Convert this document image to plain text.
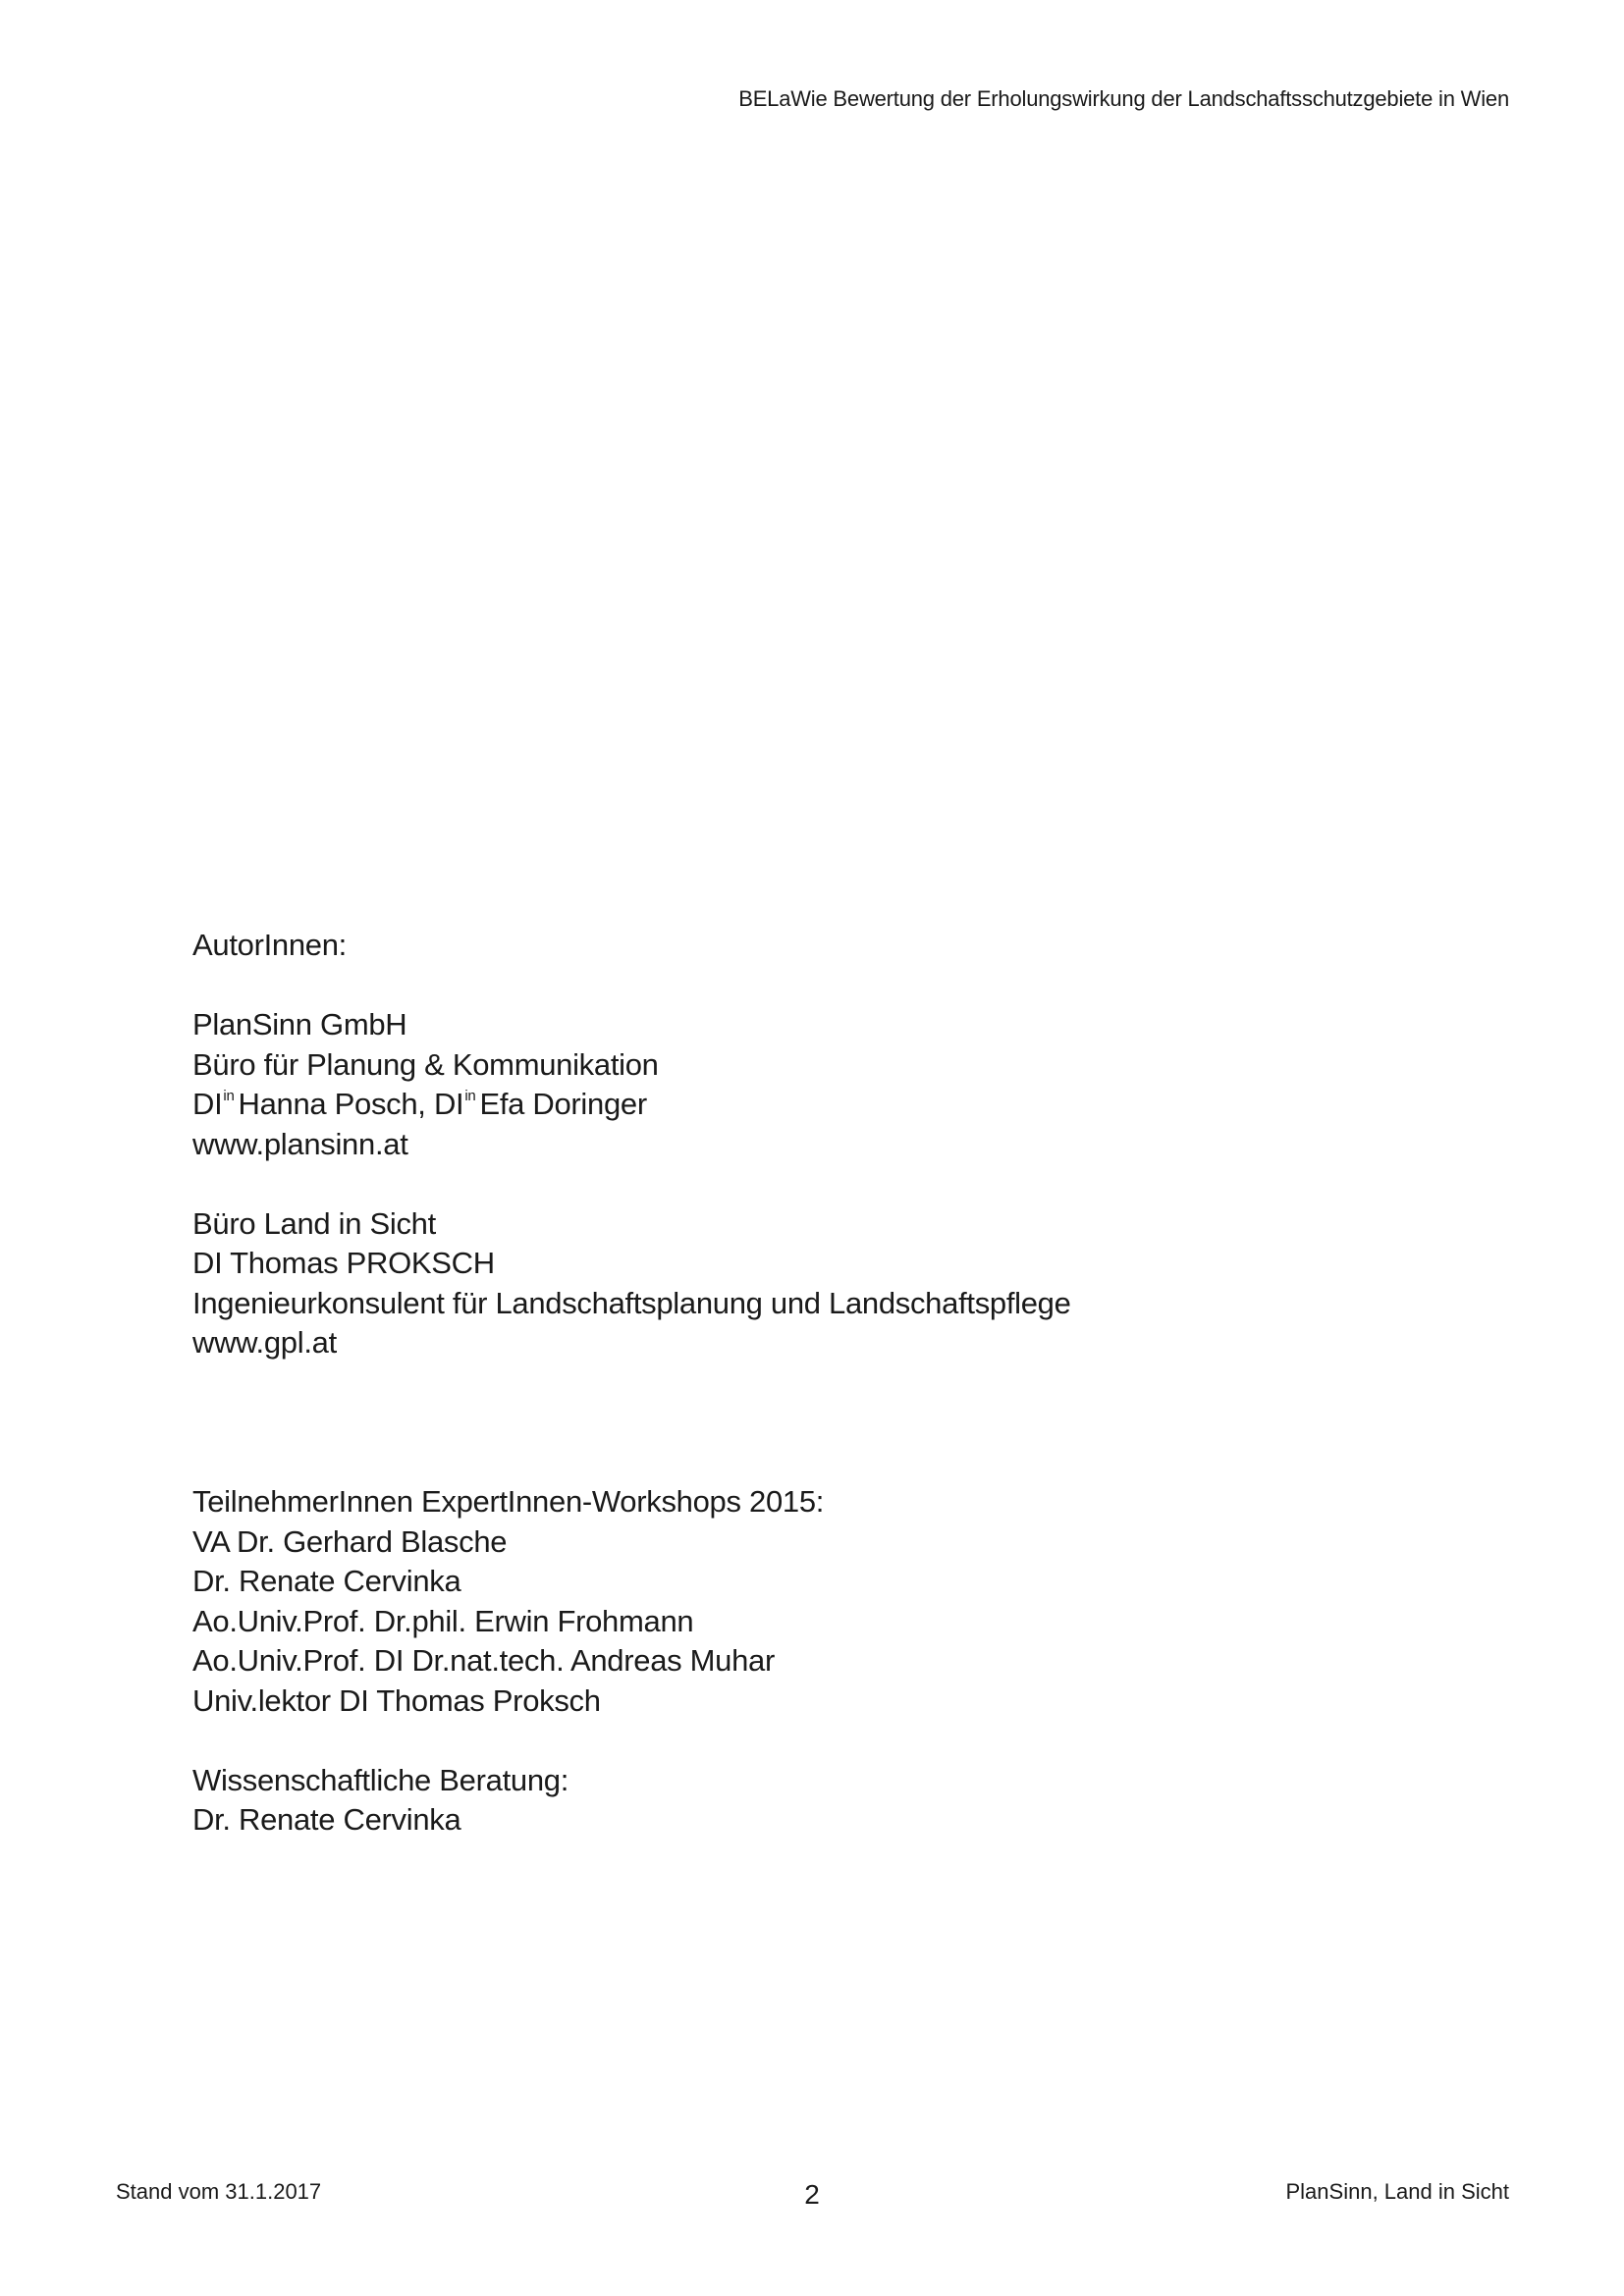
BELaWie Bewertung der Erholungswirkung der Landschaftsschutzgebiete in Wien
AutorInnen:
PlanSinn GmbH
Büro für Planung & Kommunikation
$DI^{in}$ Hanna Posch, $DI^{in}$ Efa Doringer
www.plansinn.at
Büro Land in Sicht
DI Thomas PROKSCH
Ingenieurkonsulent für Landschaftsplanung und Landschaftspflege
www.gpl.at
TeilnehmerInnen ExpertInnen-Workshops 2015:
VA Dr. Gerhard Blasche
Dr. Renate Cervinka
Ao.Univ.Prof. Dr.phil. Erwin Frohmann
Ao.Univ.Prof. DI Dr.nat.tech. Andreas Muhar
Univ.lektor DI Thomas Proksch
Wissenschaftliche Beratung:
Dr. Renate Cervinka
Stand vom 31.1.2017	2	PlanSinn, Land in Sicht
